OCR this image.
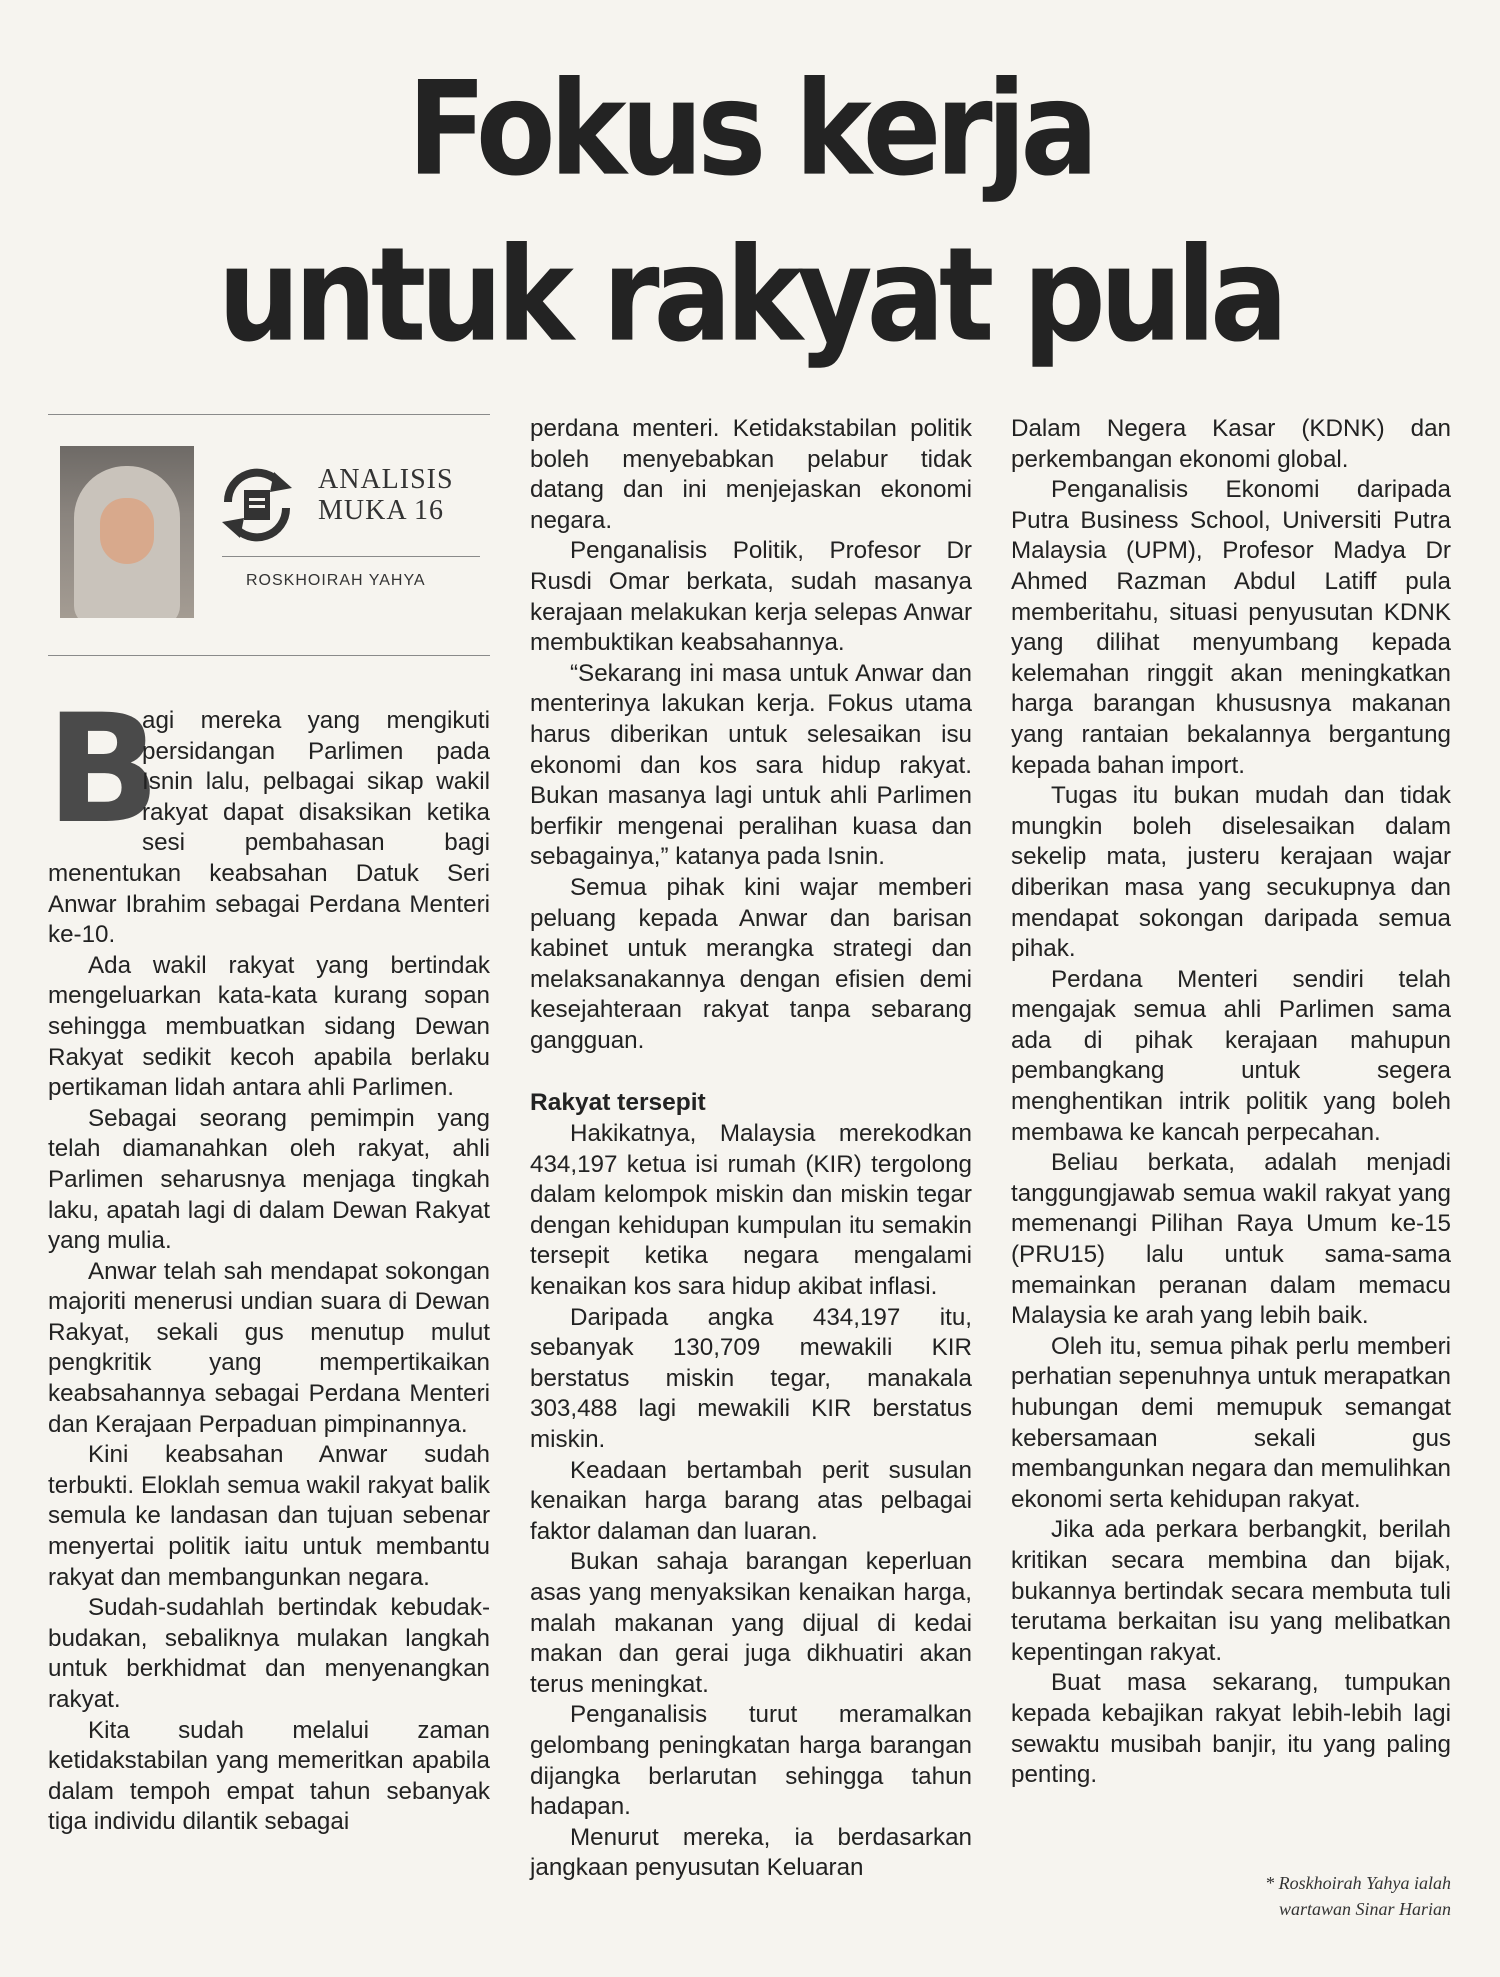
Fokus kerja
untuk rakyat pula
ANALISIS
MUKA 16
ROSKHOIRAH YAHYA
B

agi mereka yang mengikuti persidangan Parlimen pada Isnin lalu, pelbagai sikap wakil rakyat dapat disaksikan ketika sesi pembahasan bagi menentukan keabsahan Datuk Seri Anwar Ibrahim sebagai Perdana Menteri ke-10.

Ada wakil rakyat yang bertindak mengeluarkan kata-kata kurang sopan sehingga membuatkan sidang Dewan Rakyat sedikit kecoh apabila berlaku pertikaman lidah antara ahli Parlimen.

Sebagai seorang pemimpin yang telah diamanahkan oleh rakyat, ahli Parlimen seharusnya menjaga tingkah laku, apatah lagi di dalam Dewan Rakyat yang mulia.

Anwar telah sah mendapat sokongan majoriti menerusi undian suara di Dewan Rakyat, sekali gus menutup mulut pengkritik yang mempertikaikan keabsahannya sebagai Perdana Menteri dan Kerajaan Perpaduan pimpinannya.

Kini keabsahan Anwar sudah terbukti. Eloklah semua wakil rakyat balik semula ke landasan dan tujuan sebenar menyertai politik iaitu untuk membantu rakyat dan membangunkan negara.

Sudah-sudahlah bertindak kebudak-budakan, sebaliknya mulakan langkah untuk berkhidmat dan menyenangkan rakyat.

Kita sudah melalui zaman ketidakstabilan yang memeritkan apabila dalam tempoh empat tahun sebanyak tiga individu dilantik sebagai

perdana menteri. Ketidakstabilan politik boleh menyebabkan pelabur tidak datang dan ini menjejaskan ekonomi negara.

Penganalisis Politik, Profesor Dr Rusdi Omar berkata, sudah masanya kerajaan melakukan kerja selepas Anwar membuktikan keabsahannya.

“Sekarang ini masa untuk Anwar dan menterinya lakukan kerja. Fokus utama harus diberikan untuk selesaikan isu ekonomi dan kos sara hidup rakyat. Bukan masanya lagi untuk ahli Parlimen berfikir mengenai peralihan kuasa dan sebagainya,” katanya pada Isnin.

Semua pihak kini wajar memberi peluang kepada Anwar dan barisan kabinet untuk merangka strategi dan melaksanakannya dengan efisien demi kesejahteraan rakyat tanpa sebarang gangguan.

Rakyat tersepit

Hakikatnya, Malaysia merekodkan 434,197 ketua isi rumah (KIR) tergolong dalam kelompok miskin dan miskin tegar dengan kehidupan kumpulan itu semakin tersepit ketika negara mengalami kenaikan kos sara hidup akibat inflasi.

Daripada angka 434,197 itu, sebanyak 130,709 mewakili KIR berstatus miskin tegar, manakala 303,488 lagi mewakili KIR berstatus miskin.

Keadaan bertambah perit susulan kenaikan harga barang atas pelbagai faktor dalaman dan luaran.

Bukan sahaja barangan keperluan asas yang menyaksikan kenaikan harga, malah makanan yang dijual di kedai makan dan gerai juga dikhuatiri akan terus meningkat.

Penganalisis turut meramalkan gelombang peningkatan harga barangan dijangka berlarutan sehingga tahun hadapan.

Menurut mereka, ia berdasarkan jangkaan penyusutan Keluaran

Dalam Negera Kasar (KDNK) dan perkembangan ekonomi global.

Penganalisis Ekonomi daripada Putra Business School, Universiti Putra Malaysia (UPM), Profesor Madya Dr Ahmed Razman Abdul Latiff pula memberitahu, situasi penyusutan KDNK yang dilihat menyumbang kepada kelemahan ringgit akan meningkatkan harga barangan khususnya makanan yang rantaian bekalannya bergantung kepada bahan import.

Tugas itu bukan mudah dan tidak mungkin boleh diselesaikan dalam sekelip mata, justeru kerajaan wajar diberikan masa yang secukupnya dan mendapat sokongan daripada semua pihak.

Perdana Menteri sendiri telah mengajak semua ahli Parlimen sama ada di pihak kerajaan mahupun pembangkang untuk segera menghentikan intrik politik yang boleh membawa ke kancah perpecahan.

Beliau berkata, adalah menjadi tanggungjawab semua wakil rakyat yang memenangi Pilihan Raya Umum ke-15 (PRU15) lalu untuk sama-sama memainkan peranan dalam memacu Malaysia ke arah yang lebih baik.

Oleh itu, semua pihak perlu memberi perhatian sepenuhnya untuk merapatkan hubungan demi memupuk semangat kebersamaan sekali gus membangunkan negara dan memulihkan ekonomi serta kehidupan rakyat.

Jika ada perkara berbangkit, berilah kritikan secara membina dan bijak, bukannya bertindak secara membuta tuli terutama berkaitan isu yang melibatkan kepentingan rakyat.

Buat masa sekarang, tumpukan kepada kebajikan rakyat lebih-lebih lagi sewaktu musibah banjir, itu yang paling penting.

* Roskhoirah Yahya ialah
wartawan Sinar Harian
